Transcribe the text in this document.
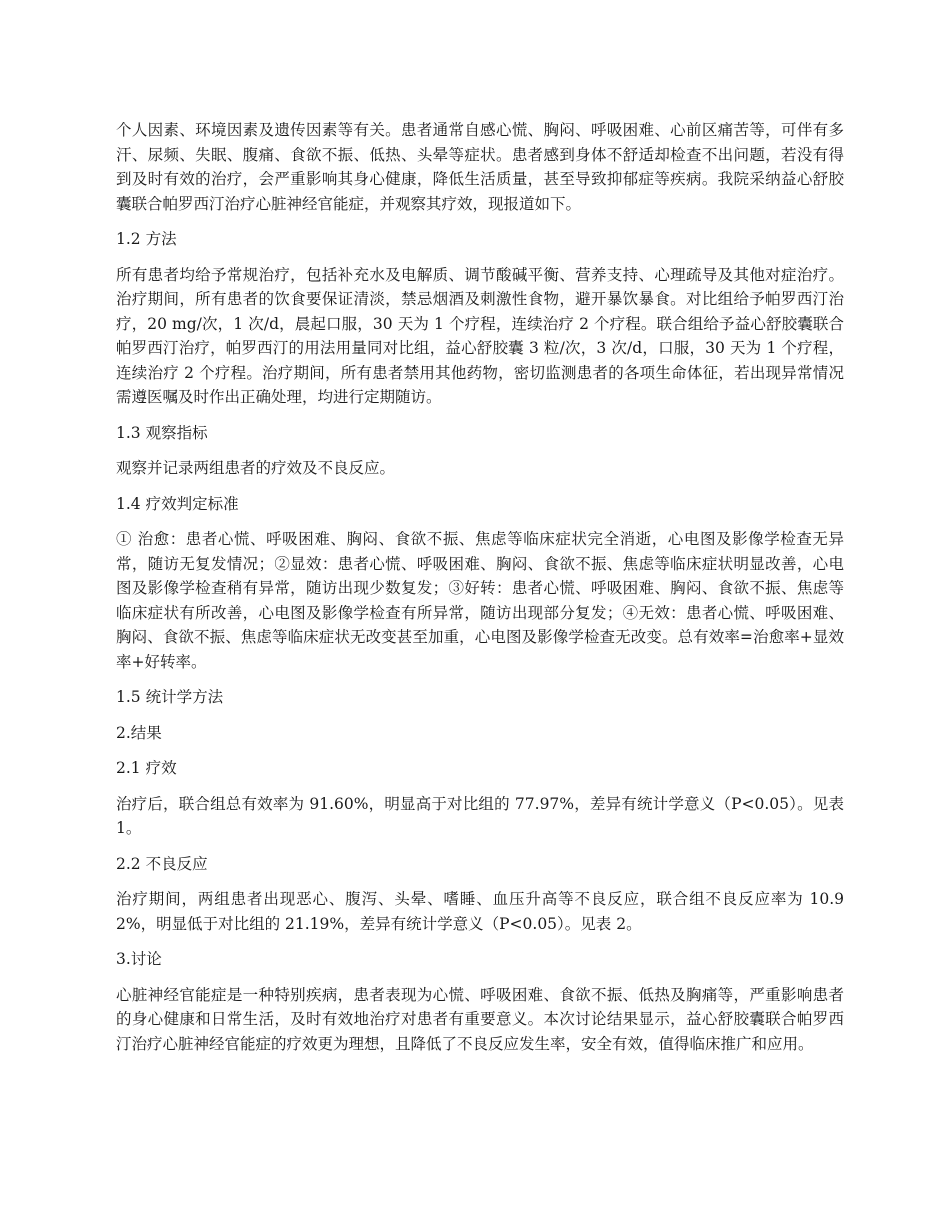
个人因素、环境因素及遗传因素等有关。患者通常自感心慌、胸闷、呼吸困难、心前区痛苦等，可伴有多汗、尿频、失眠、腹痛、食欲不振、低热、头晕等症状。患者感到身体不舒适却检查不出问题，若没有得到及时有效的治疗，会严重影响其身心健康，降低生活质量，甚至导致抑郁症等疾病。我院采纳益心舒胶囊联合帕罗西汀治疗心脏神经官能症，并观察其疗效，现报道如下。

1.2 方法

所有患者均给予常规治疗，包括补充水及电解质、调节酸碱平衡、营养支持、心理疏导及其他对症治疗。治疗期间，所有患者的饮食要保证清淡，禁忌烟酒及刺激性食物，避开暴饮暴食。对比组给予帕罗西汀治疗，20 mg/次，1 次/d，晨起口服，30 天为 1 个疗程，连续治疗 2 个疗程。联合组给予益心舒胶囊联合帕罗西汀治疗，帕罗西汀的用法用量同对比组，益心舒胶囊 3 粒/次，3 次/d，口服，30 天为 1 个疗程，连续治疗 2 个疗程。治疗期间，所有患者禁用其他药物，密切监测患者的各项生命体征，若出现异常情况需遵医嘱及时作出正确处理，均进行定期随访。

1.3 观察指标

观察并记录两组患者的疗效及不良反应。

1.4 疗效判定标准

① 治愈：患者心慌、呼吸困难、胸闷、食欲不振、焦虑等临床症状完全消逝，心电图及影像学检查无异常，随访无复发情况；②显效：患者心慌、呼吸困难、胸闷、食欲不振、焦虑等临床症状明显改善，心电图及影像学检查稍有异常，随访出现少数复发；③好转：患者心慌、呼吸困难、胸闷、食欲不振、焦虑等临床症状有所改善，心电图及影像学检查有所异常，随访出现部分复发；④无效：患者心慌、呼吸困难、胸闷、食欲不振、焦虑等临床症状无改变甚至加重，心电图及影像学检查无改变。总有效率=治愈率+显效率+好转率。

1.5 统计学方法

2.结果

2.1 疗效

治疗后，联合组总有效率为 91.60%，明显高于对比组的 77.97%，差异有统计学意义（P<0.05）。见表 1。

2.2 不良反应

治疗期间，两组患者出现恶心、腹泻、头晕、嗜睡、血压升高等不良反应，联合组不良反应率为 10.92%，明显低于对比组的 21.19%，差异有统计学意义（P<0.05）。见表 2。

3.讨论

心脏神经官能症是一种特别疾病，患者表现为心慌、呼吸困难、食欲不振、低热及胸痛等，严重影响患者的身心健康和日常生活，及时有效地治疗对患者有重要意义。本次讨论结果显示，益心舒胶囊联合帕罗西汀治疗心脏神经官能症的疗效更为理想，且降低了不良反应发生率，安全有效，值得临床推广和应用。
